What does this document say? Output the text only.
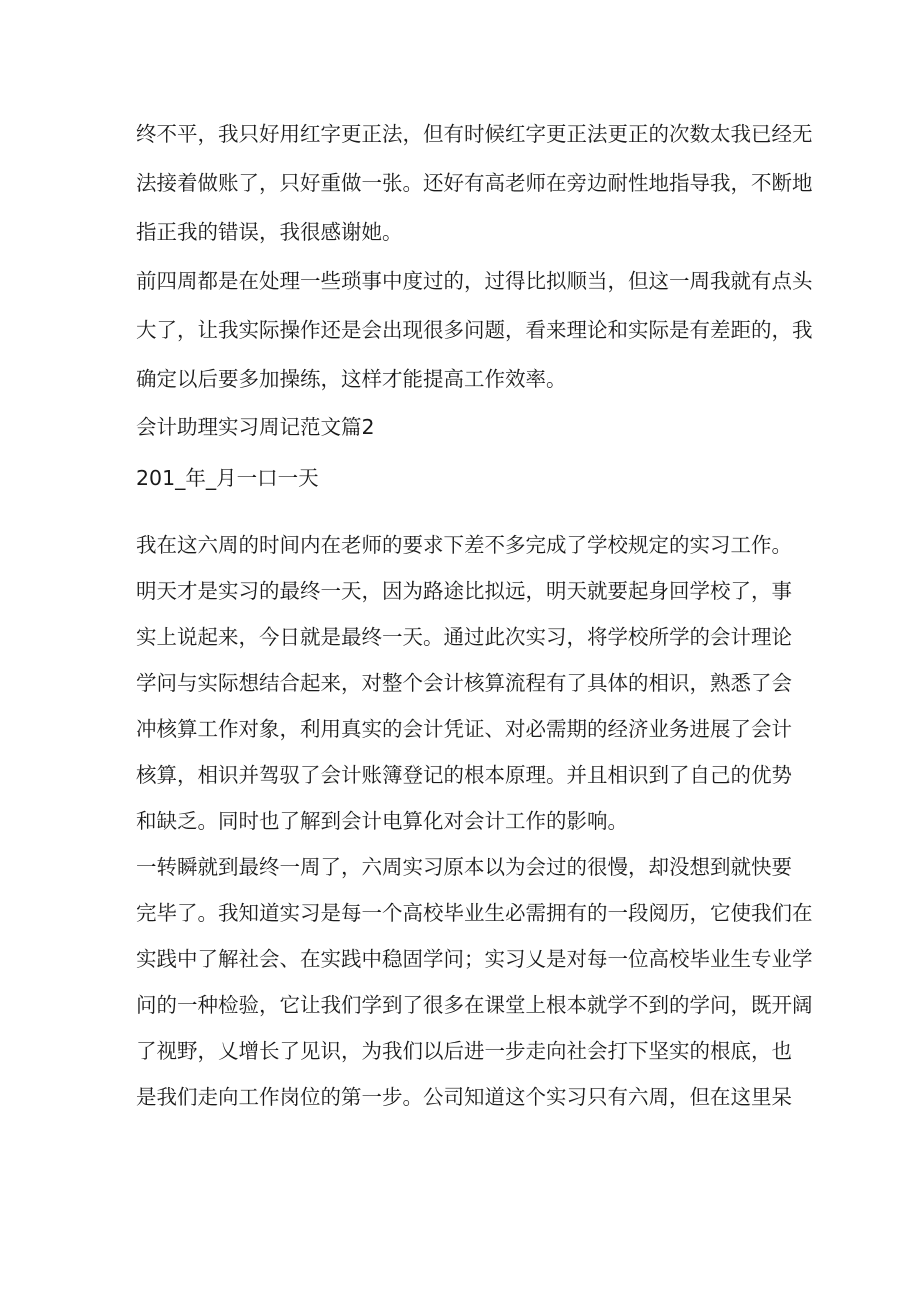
终不平，我只好用红字更正法，但有时候红字更正法更正的次数太我已经无
法接着做账了，只好重做一张。还好有高老师在旁边耐性地指导我，不断地
指正我的错误，我很感谢她。
前四周都是在处理一些琐事中度过的，过得比拟顺当，但这一周我就有点头
大了，让我实际操作还是会出现很多问题，看来理论和实际是有差距的，我
确定以后要多加操练，这样才能提高工作效率。
会计助理实习周记范文篇2
201_年_月一口一天
我在这六周的时间内在老师的要求下差不多完成了学校规定的实习工作。
明天才是实习的最终一天，因为路途比拟远，明天就要起身回学校了，事
实上说起来，今日就是最终一天。通过此次实习，将学校所学的会计理论
学问与实际想结合起来，对整个会计核算流程有了具体的相识，熟悉了会
冲核算工作对象，利用真实的会计凭证、对必需期的经济业务进展了会计
核算，相识并驾驭了会计账簿登记的根本原理。并且相识到了自己的优势
和缺乏。同时也了解到会计电算化对会计工作的影响。
一转瞬就到最终一周了，六周实习原本以为会过的很慢，却没想到就快要
完毕了。我知道实习是每一个高校毕业生必需拥有的一段阅历，它使我们在
实践中了解社会、在实践中稳固学问；实习乂是对每一位高校毕业生专业学
问的一种检验，它让我们学到了很多在课堂上根本就学不到的学问，既开阔
了视野，乂增长了见识，为我们以后进一步走向社会打下坚实的根底，也
是我们走向工作岗位的第一步。公司知道这个实习只有六周，但在这里呆
